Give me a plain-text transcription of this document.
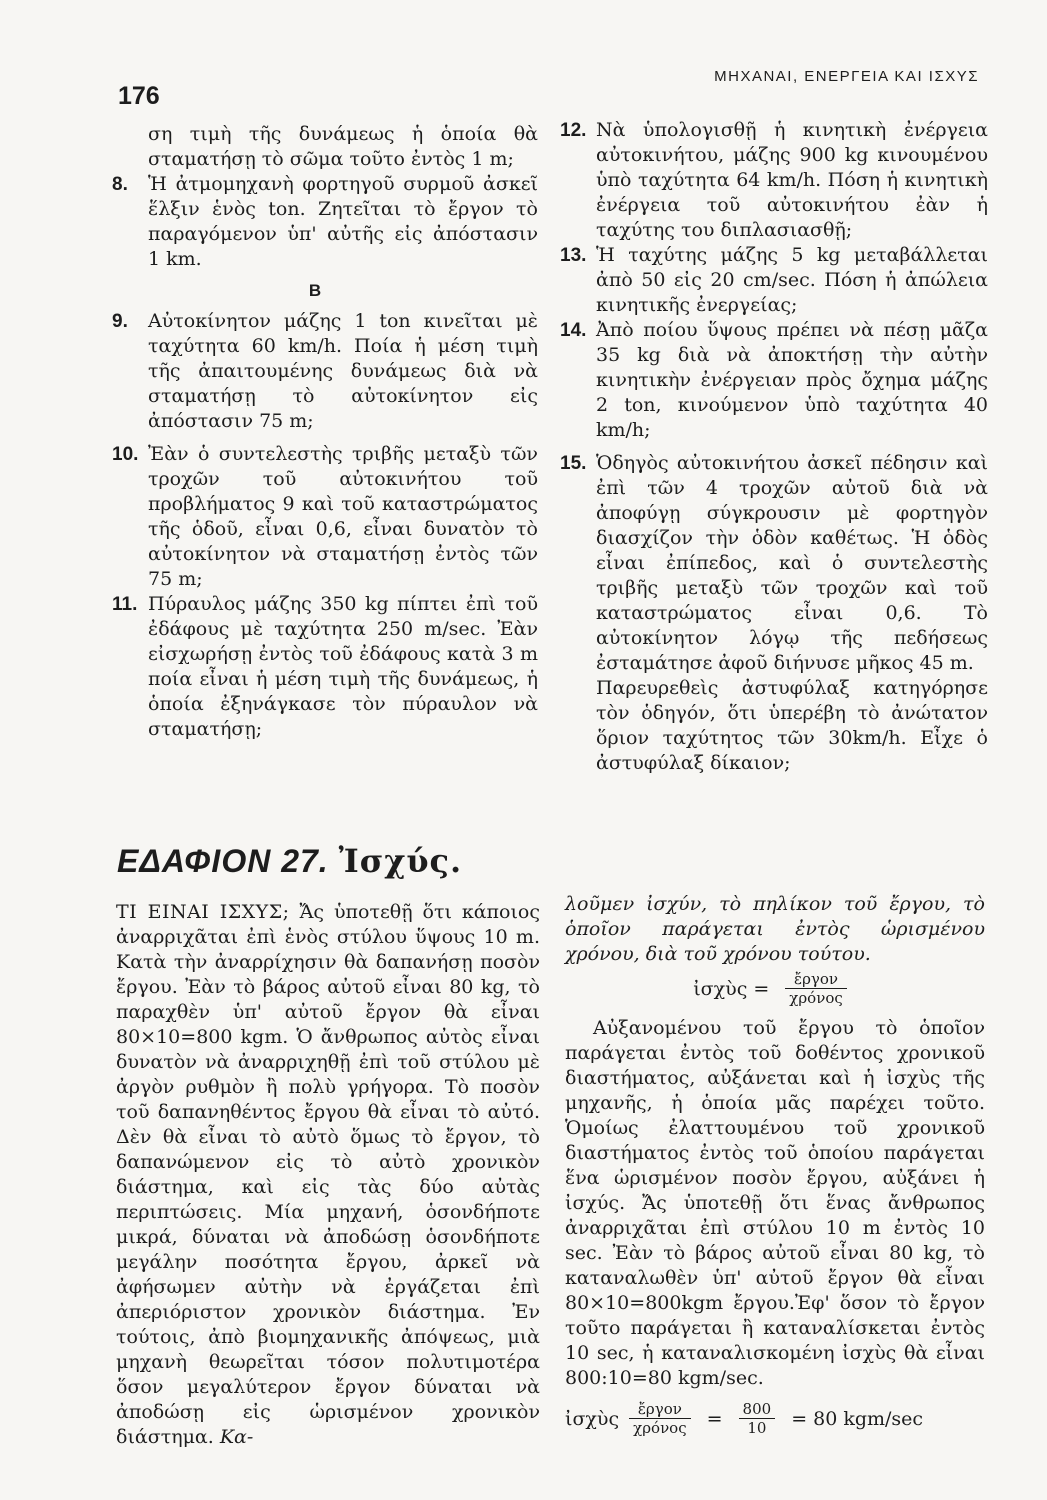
176
ΜΗΧΑΝΑΙ, ΕΝΕΡΓΕΙΑ ΚΑΙ ΙΣΧΥΣ
ση τιμὴ τῆς δυνάμεως ἡ ὁποία θὰ σταματήσῃ τὸ σῶμα τοῦτο ἐντὸς 1 m;
8.	Ἡ ἀτμομηχανὴ φορτηγοῦ συρμοῦ ἀσκεῖ ἕλξιν ἑνὸς ton. Ζητεῖται τὸ ἔργον τὸ παραγόμενον ὑπ' αὐτῆς εἰς ἀπόστασιν 1 km.
Β
9.	Αὐτοκίνητον μάζης 1 ton κινεῖται μὲ ταχύτητα 60 km/h. Ποία ἡ μέση τιμὴ τῆς ἀπαιτουμένης δυνάμεως διὰ νὰ σταματήσῃ τὸ αὐτοκίνητον εἰς ἀπόστασιν 75 m;
10. Ἐὰν ὁ συντελεστὴς τριβῆς μεταξὺ τῶν τροχῶν τοῦ αὐτοκινήτου τοῦ προβλήματος 9 καὶ τοῦ καταστρώματος τῆς ὁδοῦ, εἶναι 0,6, εἶναι δυνατὸν τὸ αὐτοκίνητον νὰ σταματήσῃ ἐντὸς τῶν 75 m;
11. Πύραυλος μάζης 350 kg πίπτει ἐπὶ τοῦ ἐδάφους μὲ ταχύτητα 250 m/sec. Ἐὰν εἰσχωρήσῃ ἐντὸς τοῦ ἐδάφους κατὰ 3 m ποία εἶναι ἡ μέση τιμὴ τῆς δυνάμεως, ἡ ὁποία ἐξηνάγκασε τὸν πύραυλον νὰ σταματήσῃ;
12. Νὰ ὑπολογισθῇ ἡ κινητικὴ ἐνέργεια αὐτοκινήτου, μάζης 900 kg κινουμένου ὑπὸ ταχύτητα 64 km/h. Πόση ἡ κινητικὴ ἐνέργεια τοῦ αὐτοκινήτου ἐὰν ἡ ταχύτης του διπλασιασθῇ;
13. Ἡ ταχύτης μάζης 5 kg μεταβάλλεται ἀπὸ 50 εἰς 20 cm/sec. Πόση ἡ ἀπώλεια κινητικῆς ἐνεργείας;
14. Ἀπὸ ποίου ὕψους πρέπει νὰ πέσῃ μᾶζα 35 kg διὰ νὰ ἀποκτήσῃ τὴν αὐτὴν κινητικὴν ἐνέργειαν πρὸς ὄχημα μάζης 2 ton, κινούμενον ὑπὸ ταχύτητα 40 km/h;
15. Ὁδηγὸς αὐτοκινήτου ἀσκεῖ πέδησιν καὶ ἐπὶ τῶν 4 τροχῶν αὐτοῦ διὰ νὰ ἀποφύγῃ σύγκρουσιν μὲ φορτηγὸν διασχίζον τὴν ὁδὸν καθέτως. Ἡ ὁδὸς εἶναι ἐπίπεδος, καὶ ὁ συντελεστὴς τριβῆς μεταξὺ τῶν τροχῶν καὶ τοῦ καταστρώματος εἶναι 0,6. Τὸ αὐτοκίνητον λόγῳ τῆς πεδήσεως ἐσταμάτησε ἀφοῦ διήνυσε μῆκος 45 m.
Παρευρεθεὶς ἀστυφύλαξ κατηγόρησε τὸν ὁδηγόν, ὅτι ὑπερέβη τὸ ἀνώτατον ὅριον ταχύτητος τῶν 30km/h. Εἶχε ὁ ἀστυφύλαξ δίκαιον;
ΕΔΑΦΙΟΝ 27. Ἰσχύς.
ΤΙ ΕΙΝΑΙ ΙΣΧΥΣ; Ἄς ὑποτεθῇ ὅτι κάποιος ἀναρριχᾶται ἐπὶ ἑνὸς στύλου ὕψους 10 m. Κατὰ τὴν ἀναρρίχησιν θὰ δαπανήσῃ ποσὸν ἔργου. Ἐὰν τὸ βάρος αὐτοῦ εἶναι 80 kg, τὸ παραχθὲν ὑπ' αὐτοῦ ἔργον θὰ εἶναι 80×10=800 kgm. Ὁ ἄνθρωπος αὐτὸς εἶναι δυνατὸν νὰ ἀναρριχηθῇ ἐπὶ τοῦ στύλου μὲ ἀργὸν ρυθμὸν ἢ πολὺ γρήγορα. Τὸ ποσὸν τοῦ δαπανηθέντος ἔργου θὰ εἶναι τὸ αὐτό. Δὲν θὰ εἶναι τὸ αὐτὸ ὅμως τὸ ἔργον, τὸ δαπανώμενον εἰς τὸ αὐτὸ χρονικὸν διάστημα, καὶ εἰς τὰς δύο αὐτὰς περιπτώσεις. Μία μηχανή, ὁσονδήποτε μικρά, δύναται νὰ ἀποδώσῃ ὁσονδήποτε μεγάλην ποσότητα ἔργου, ἀρκεῖ νὰ ἀφήσωμεν αὐτὴν νὰ ἐργάζεται ἐπὶ ἀπεριόριστον χρονικὸν διάστημα. Ἐν τούτοις, ἀπὸ βιομηχανικῆς ἀπόψεως, μιὰ μηχανὴ θεωρεῖται τόσον πολυτιμοτέρα ὅσον μεγαλύτερον ἔργον δύναται νὰ ἀποδώσῃ εἰς ὡρισμένον χρονικὸν διάστημα. Κα-
λοῦμεν ἰσχύν, τὸ πηλίκον τοῦ ἔργου, τὸ ὁποῖον παράγεται ἐντὸς ὡρισμένου χρόνου, διὰ τοῦ χρόνου τούτου.
ἰσχὺς = $\frac{\text{ἔργον}}{\text{χρόνος}}$
Αὐξανομένου τοῦ ἔργου τὸ ὁποῖον παράγεται ἐντὸς τοῦ δοθέντος χρονικοῦ διαστήματος, αὐξάνεται καὶ ἡ ἰσχὺς τῆς μηχανῆς, ἡ ὁποία μᾶς παρέχει τοῦτο. Ὁμοίως ἐλαττουμένου τοῦ χρονικοῦ διαστήματος ἐντὸς τοῦ ὁποίου παράγεται ἕνα ὡρισμένον ποσὸν ἔργου, αὐξάνει ἡ ἰσχύς. Ἄς ὑποτεθῇ ὅτι ἕνας ἄνθρωπος ἀναρριχᾶται ἐπὶ στύλου 10 m ἐντὸς 10 sec. Ἐὰν τὸ βάρος αὐτοῦ εἶναι 80 kg, τὸ καταναλωθὲν ὑπ' αὐτοῦ ἔργον θὰ εἶναι 80×10=800kgm ἔργου.Ἐφ' ὅσον τὸ ἔργον τοῦτο παράγεται ἢ καταναλίσκεται ἐντὸς 10 sec, ἡ καταναλισκομένη ἰσχὺς θὰ εἶναι 800:10=80 kgm/sec.
ἰσχὺς $\frac{\text{ἔργον}}{\text{χρόνος}} = \frac{800}{10} = 80$ kgm/sec
